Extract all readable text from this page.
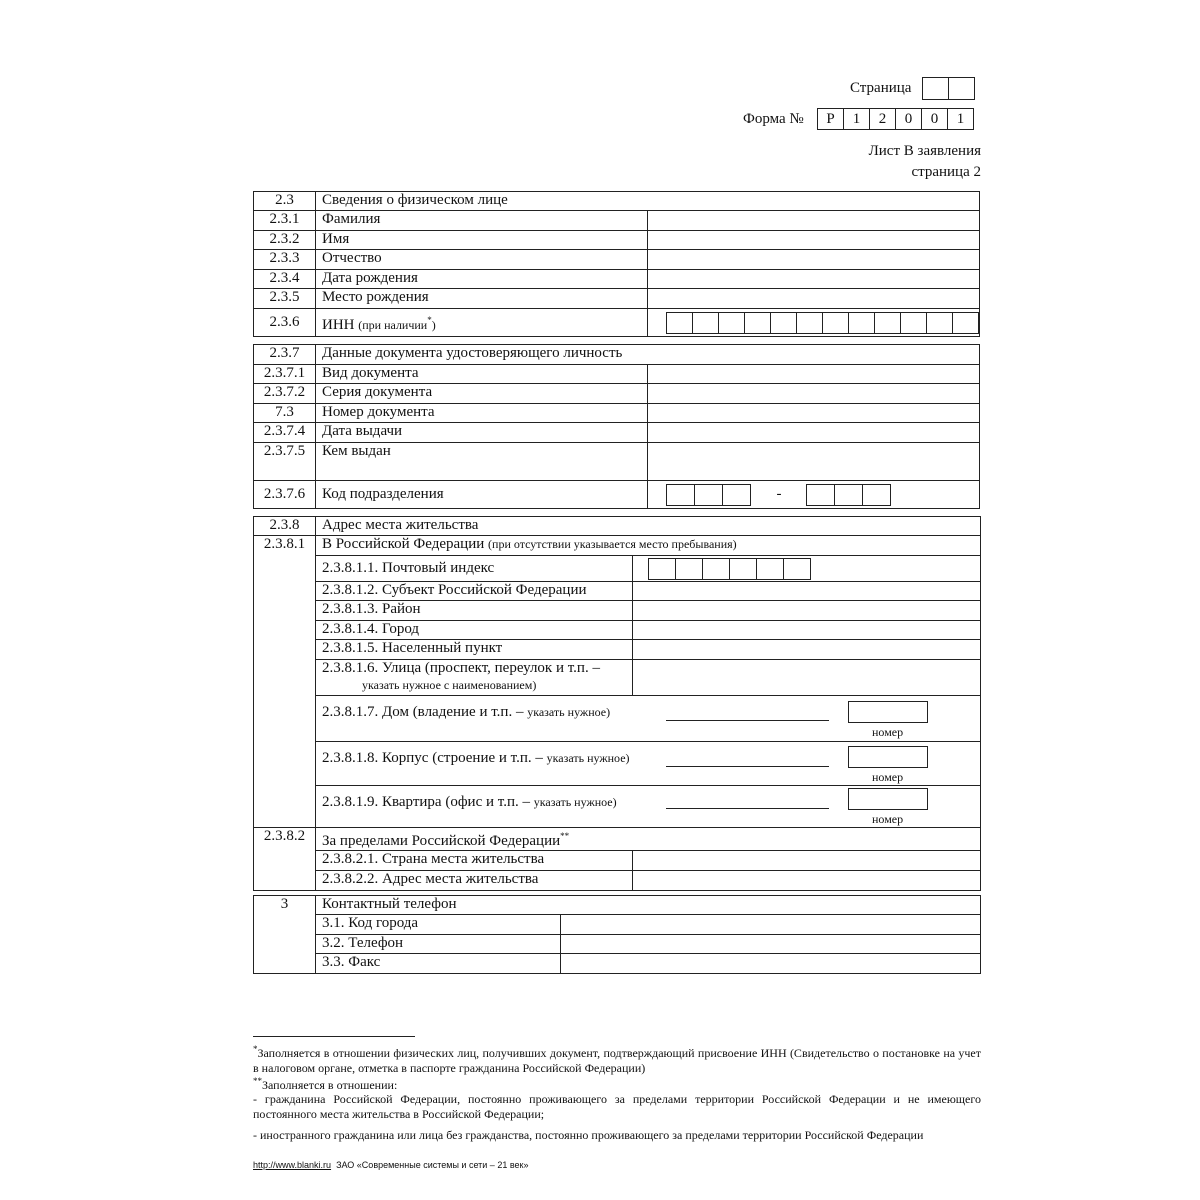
Страница
Форма №	Р	1	2	0	0	1
Лист В заявления
страница 2
2.3	Сведения о физическом лице	
2.3.1	Фамилия	
2.3.2	Имя	
2.3.3	Отчество	
2.3.4	Дата рождения	
2.3.5	Место рождения	
2.3.6	ИНН (при наличии*)	
2.3.7	Данные документа удостоверяющего личность	
2.3.7.1	Вид документа	
2.3.7.2	Серия документа	
7.3	Номер документа	
2.3.7.4	Дата выдачи	
2.3.7.5	Кем выдан	
2.3.7.6	Код подразделения	-
2.3.8	Адрес места жительства	
2.3.8.1	В Российской Федерации (при отсутствии указывается место пребывания)	
	2.3.8.1.1. Почтовый индекс	

	2.3.8.1.2. Субъект Российской Федерации	
	2.3.8.1.3. Район	
	2.3.8.1.4. Город	
	2.3.8.1.5. Населенный пункт	
	2.3.8.1.6. Улица (проспект, переулок и т.п. –
указать нужное с наименованием)	

	2.3.8.1.7. Дом (владение и т.п. – указать нужное)	
	2.3.8.1.8. Корпус (строение и т.п. – указать нужное)	
	2.3.8.1.9. Квартира (офис и т.п. – указать нужное)	
2.3.8.2	За пределами Российской Федерации**
	2.3.8.2.1. Страна места жительства	
	2.3.8.2.2. Адрес места жительства	
номер
номер
номер
3	Контактный телефон	
	3.1. Код города	
	3.2. Телефон	
	3.3. Факс	
*Заполняется в отношении физических лиц, получивших документ, подтверждающий присвоение ИНН (Свидетельство о постановке на учет в налоговом органе, отметка в паспорте гражданина Российской Федерации)
**Заполняется в отношении:
- гражданина Российской Федерации, постоянно проживающего за пределами территории Российской Федерации и не имеющего постоянного места жительства в Российской Федерации;
- иностранного гражданина или лица без гражданства, постоянно проживающего за пределами территории Российской Федерации
http://www.blanki.ru ЗАО «Современные системы и сети – 21 век»
